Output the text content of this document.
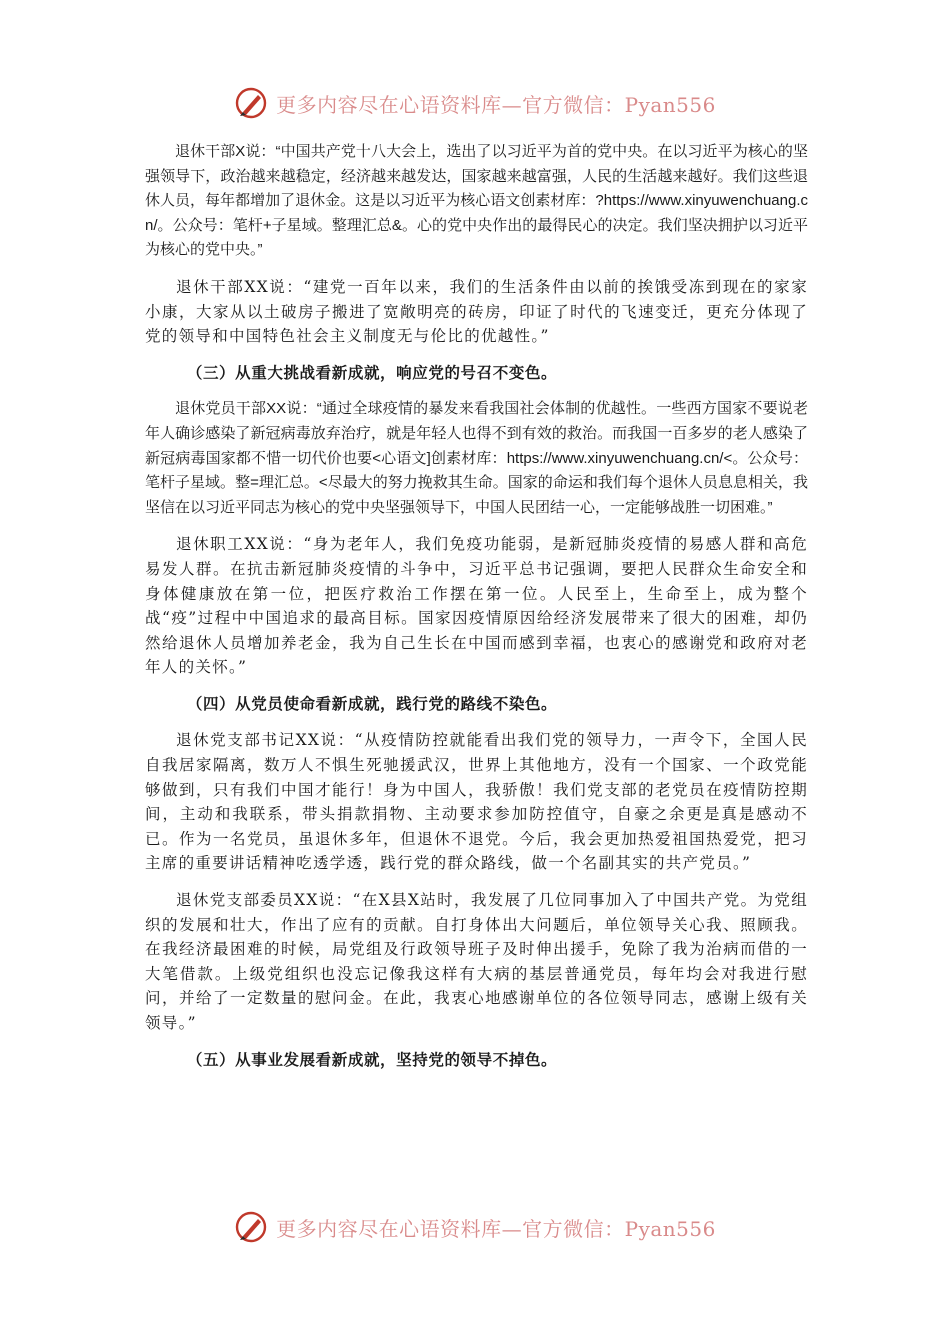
更多内容尽在心语资料库—官方微信：Pyan556

退休干部X说：“中国共产党十八大会上，选出了以习近平为首的党中央。在以习近平为核心的坚强领导下，政治越来越稳定，经济越来越发达，国家越来越富强，人民的生活越来越好。我们这些退休人员，每年都增加了退休金。这是以习近平为核心语文创素材库：?https://www.xinyuwenchuang.cn/。公众号：笔杆+子星域。整理汇总&。心的党中央作出的最得民心的决定。我们坚决拥护以习近平为核心的党中央。”

退休干部XX说：“建党一百年以来，我们的生活条件由以前的挨饿受冻到现在的家家小康，大家从以土破房子搬进了宽敞明亮的砖房，印证了时代的飞速变迁，更充分体现了党的领导和中国特色社会主义制度无与伦比的优越性。”

（三）从重大挑战看新成就，响应党的号召不变色。

退休党员干部XX说：“通过全球疫情的暴发来看我国社会体制的优越性。一些西方国家不要说老年人确诊感染了新冠病毒放弃治疗，就是年轻人也得不到有效的救治。而我国一百多岁的老人感染了新冠病毒国家都不惜一切代价也要<心语文]创素材库：https://www.xinyuwenchuang.cn/<。公众号：笔杆子星域。整=理汇总。<尽最大的努力挽救其生命。国家的命运和我们每个退休人员息息相关，我坚信在以习近平同志为核心的党中央坚强领导下，中国人民团结一心，一定能够战胜一切困难。”

退休职工XX说：“身为老年人，我们免疫功能弱，是新冠肺炎疫情的易感人群和高危易发人群。在抗击新冠肺炎疫情的斗争中，习近平总书记强调，要把人民群众生命安全和身体健康放在第一位，把医疗救治工作摆在第一位。人民至上，生命至上，成为整个战“疫”过程中中国追求的最高目标。国家因疫情原因给经济发展带来了很大的困难，却仍然给退休人员增加养老金，我为自己生长在中国而感到幸福，也衷心的感谢党和政府对老年人的关怀。”

（四）从党员使命看新成就，践行党的路线不染色。

退休党支部书记XX说：“从疫情防控就能看出我们党的领导力，一声令下，全国人民自我居家隔离，数万人不惧生死驰援武汉，世界上其他地方，没有一个国家、一个政党能够做到，只有我们中国才能行！身为中国人，我骄傲！我们党支部的老党员在疫情防控期间，主动和我联系，带头捐款捐物、主动要求参加防控值守，自豪之余更是真是感动不已。作为一名党员，虽退休多年，但退休不退党。今后，我会更加热爱祖国热爱党，把习主席的重要讲话精神吃透学透，践行党的群众路线，做一个名副其实的共产党员。”

退休党支部委员XX说：“在X县X站时，我发展了几位同事加入了中国共产党。为党组织的发展和壮大，作出了应有的贡献。自打身体出大问题后，单位领导关心我、照顾我。在我经济最困难的时候，局党组及行政领导班子及时伸出援手，免除了我为治病而借的一大笔借款。上级党组织也没忘记像我这样有大病的基层普通党员，每年均会对我进行慰问，并给了一定数量的慰问金。在此，我衷心地感谢单位的各位领导同志，感谢上级有关领导。”

（五）从事业发展看新成就，坚持党的领导不掉色。

更多内容尽在心语资料库—官方微信：Pyan556
